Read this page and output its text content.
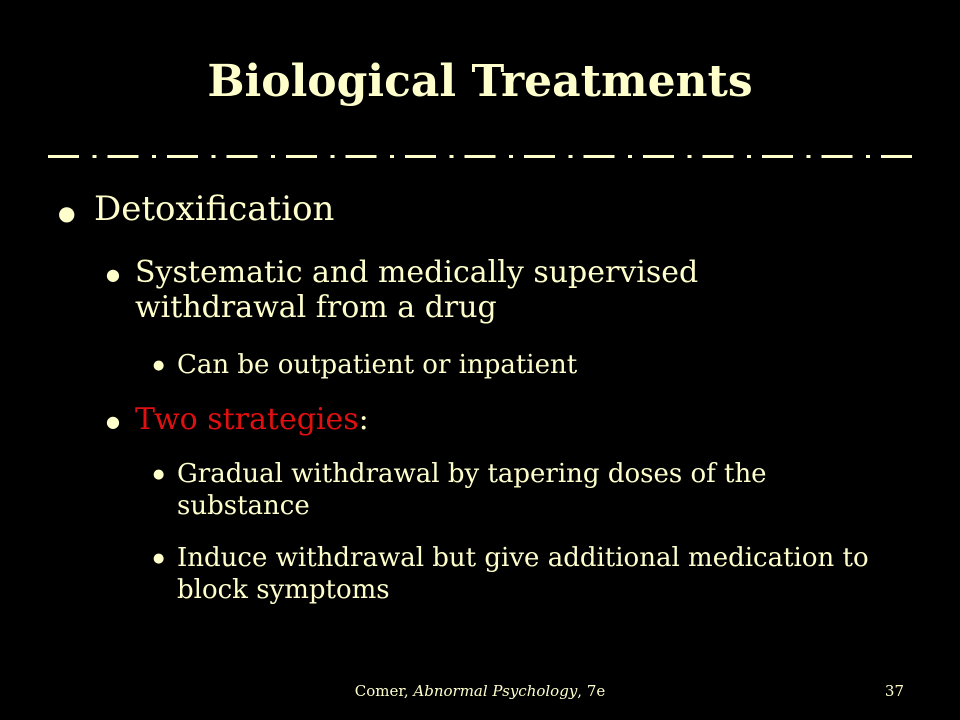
Biological Treatments
● Detoxification
● Systematic and medically supervised withdrawal from a drug
● Can be outpatient or inpatient
● Two strategies:
● Gradual withdrawal by tapering doses of the substance
● Induce withdrawal but give additional medication to block symptoms
Comer, Abnormal Psychology, 7e	37
